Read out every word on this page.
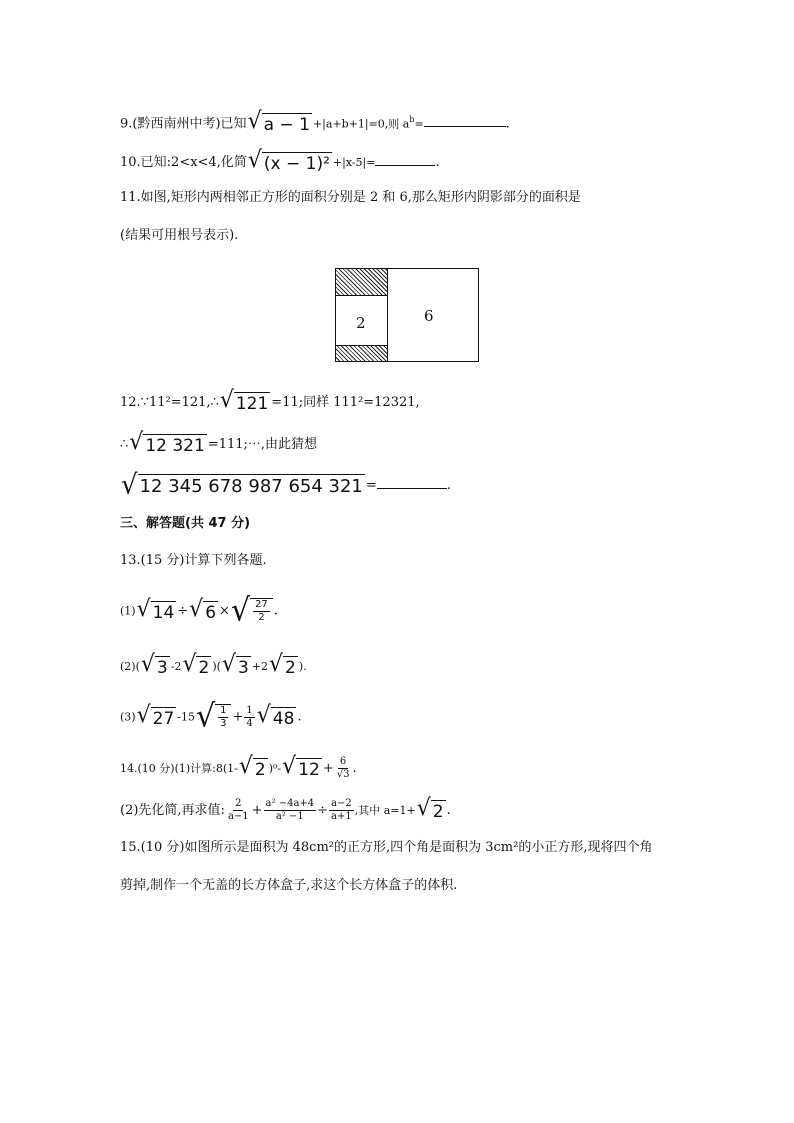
9.(黔西南州中考)已知 √ a − 1 +|a+b+1|=0,则 $a^b=$	.
10.已知:2<x<4,化简 √ (x − 1)² +|x-5|=	.
11.如图,矩形内两相邻正方形的面积分别是 2 和 6,那么矩形内阴影部分的面积是
(结果可用根号表示).
2	6
12.∵11²=121,∴ √ 121 =11;同样 111²=12321,
∴ √ 12 321 =111;⋯,由此猜想
√ 12 345 678 987 654 321 =	.
三、解答题(共 47 分)
13.(15 分)计算下列各题.
(1) √ 14 ÷ √ 6 × √ $\frac{27}{2}$ .
(2)( √ 3 -2 √ 2 )( √ 3 +2 √ 2 ).
(3) √ 27 -15 √ $\frac{1}{3} + \frac{1}{4}$ √ 48 .
14.(10 分)(1)计算:8(1- √ 2 )⁰- √ $12 + \frac{6}{√3}$ .
(2)先化简,再求值: $\frac{2}{a-1} + \frac{\text{a² −4a+4}}{\text{a² −1}} \div \frac{a-2}{a+1}$ ,其中 a=1+ √ 2 .
15.(10 分)如图所示是面积为 48cm²的正方形,四个角是面积为 3cm²的小正方形,现将四个角
剪掉,制作一个无盖的长方体盒子,求这个长方体盒子的体积.
